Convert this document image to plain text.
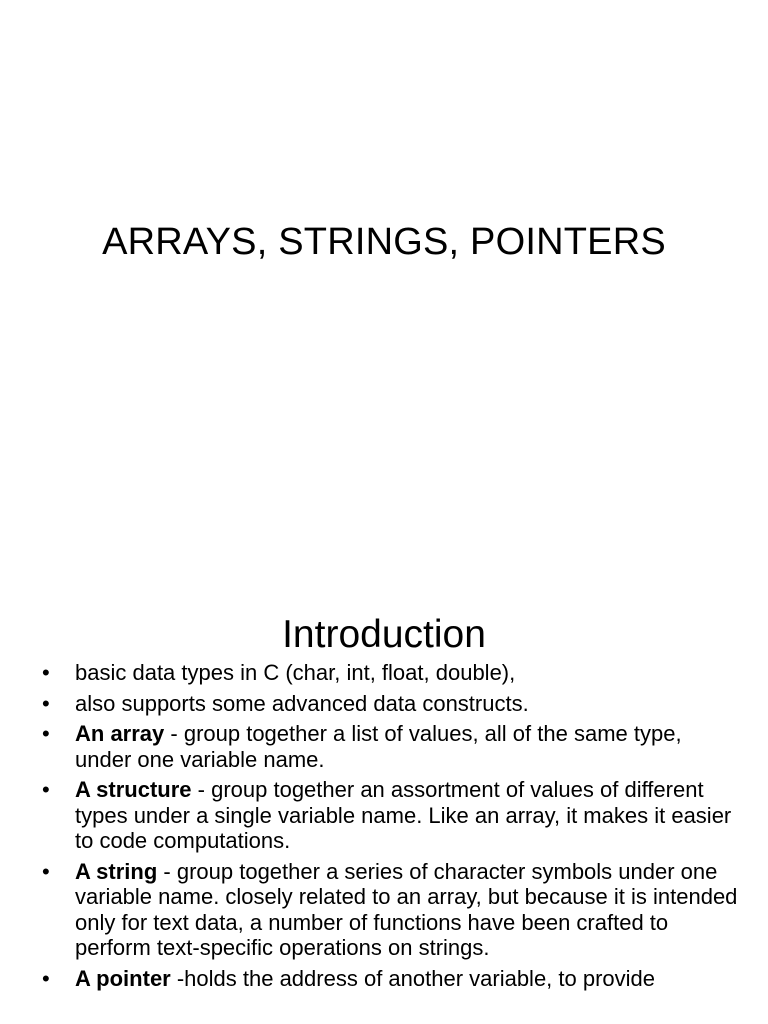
ARRAYS, STRINGS, POINTERS
Introduction
• basic data types in C (char, int, float, double),
• also supports some advanced data constructs.
• An array - group together a list of values, all of the same type, under one variable name.
• A structure - group together an assortment of values of different types under a single variable name. Like an array, it makes it easier to code computations.
• A string - group together a series of character symbols under one variable name. closely related to an array, but because it is intended only for text data, a number of functions have been crafted to perform text-specific operations on strings.
• A pointer -holds the address of another variable, to provide
